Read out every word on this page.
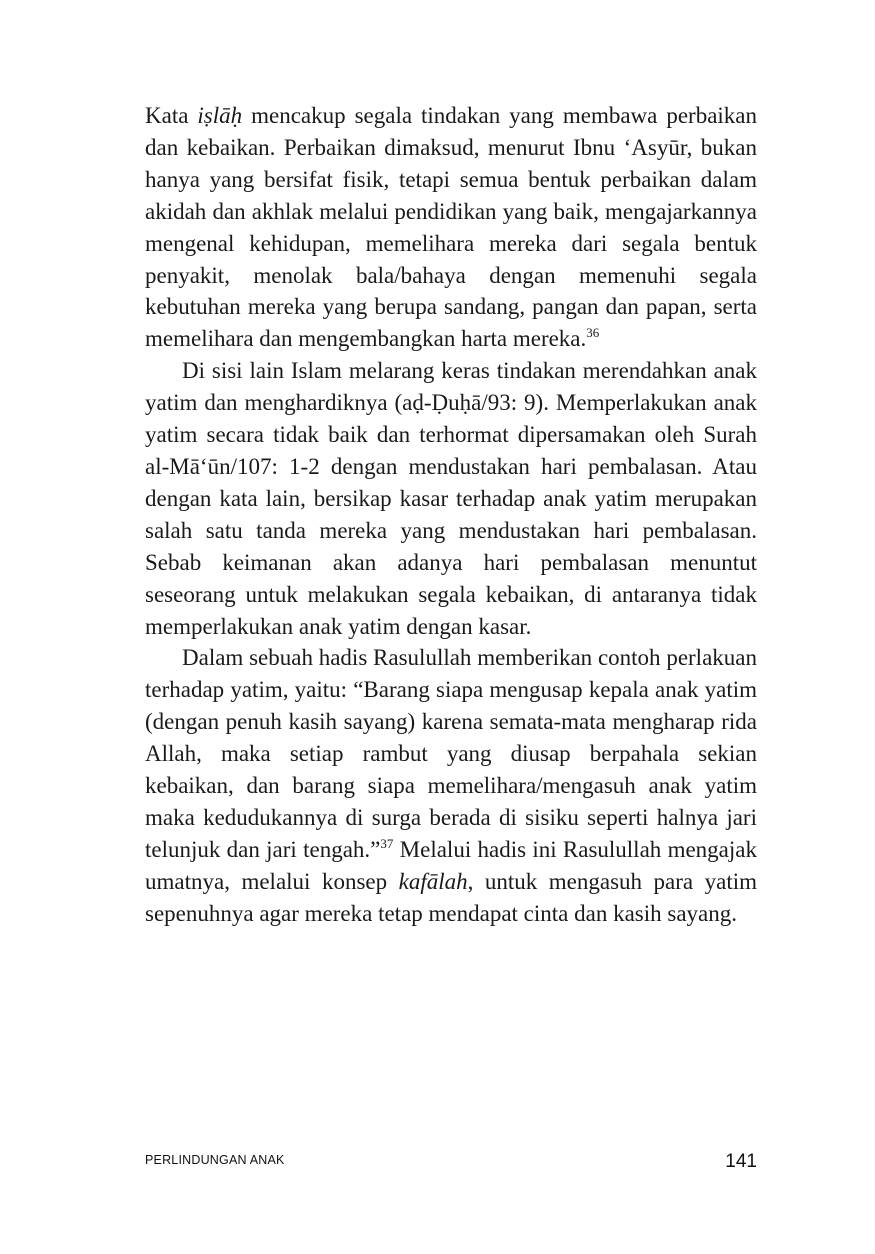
Kata iṣlāḥ mencakup segala tindakan yang membawa perbaikan dan kebaikan. Perbaikan dimaksud, menurut Ibnu ‘Asyūr, bukan hanya yang bersifat fisik, tetapi semua bentuk perbaikan dalam akidah dan akhlak melalui pendidikan yang baik, mengajarkannya mengenal kehidupan, memelihara mereka dari segala bentuk penyakit, menolak bala/bahaya dengan memenuhi segala kebutuhan mereka yang berupa sandang, pangan dan papan, serta memelihara dan mengembangkan harta mereka.$^{36}$

Di sisi lain Islam melarang keras tindakan merendahkan anak yatim dan menghardiknya (aḍ-Ḍuḥā/93: 9). Memperlakukan anak yatim secara tidak baik dan terhormat dipersamakan oleh Surah al-Mā‘ūn/107: 1-2 dengan mendustakan hari pembalasan. Atau dengan kata lain, bersikap kasar terhadap anak yatim merupakan salah satu tanda mereka yang mendustakan hari pembalasan. Sebab keimanan akan adanya hari pembalasan menuntut seseorang untuk melakukan segala kebaikan, di antaranya tidak memperlakukan anak yatim dengan kasar.

Dalam sebuah hadis Rasulullah memberikan contoh perlakuan terhadap yatim, yaitu: “Barang siapa mengusap kepala anak yatim (dengan penuh kasih sayang) karena semata-mata mengharap rida Allah, maka setiap rambut yang diusap berpahala sekian kebaikan, dan barang siapa memelihara/mengasuh anak yatim maka kedudukannya di surga berada di sisiku seperti halnya jari telunjuk dan jari tengah.”$^{37}$ Melalui hadis ini Rasulullah mengajak umatnya, melalui konsep kafālah, untuk mengasuh para yatim sepenuhnya agar mereka tetap mendapat cinta dan kasih sayang.

PERLINDUNGAN ANAK	141
